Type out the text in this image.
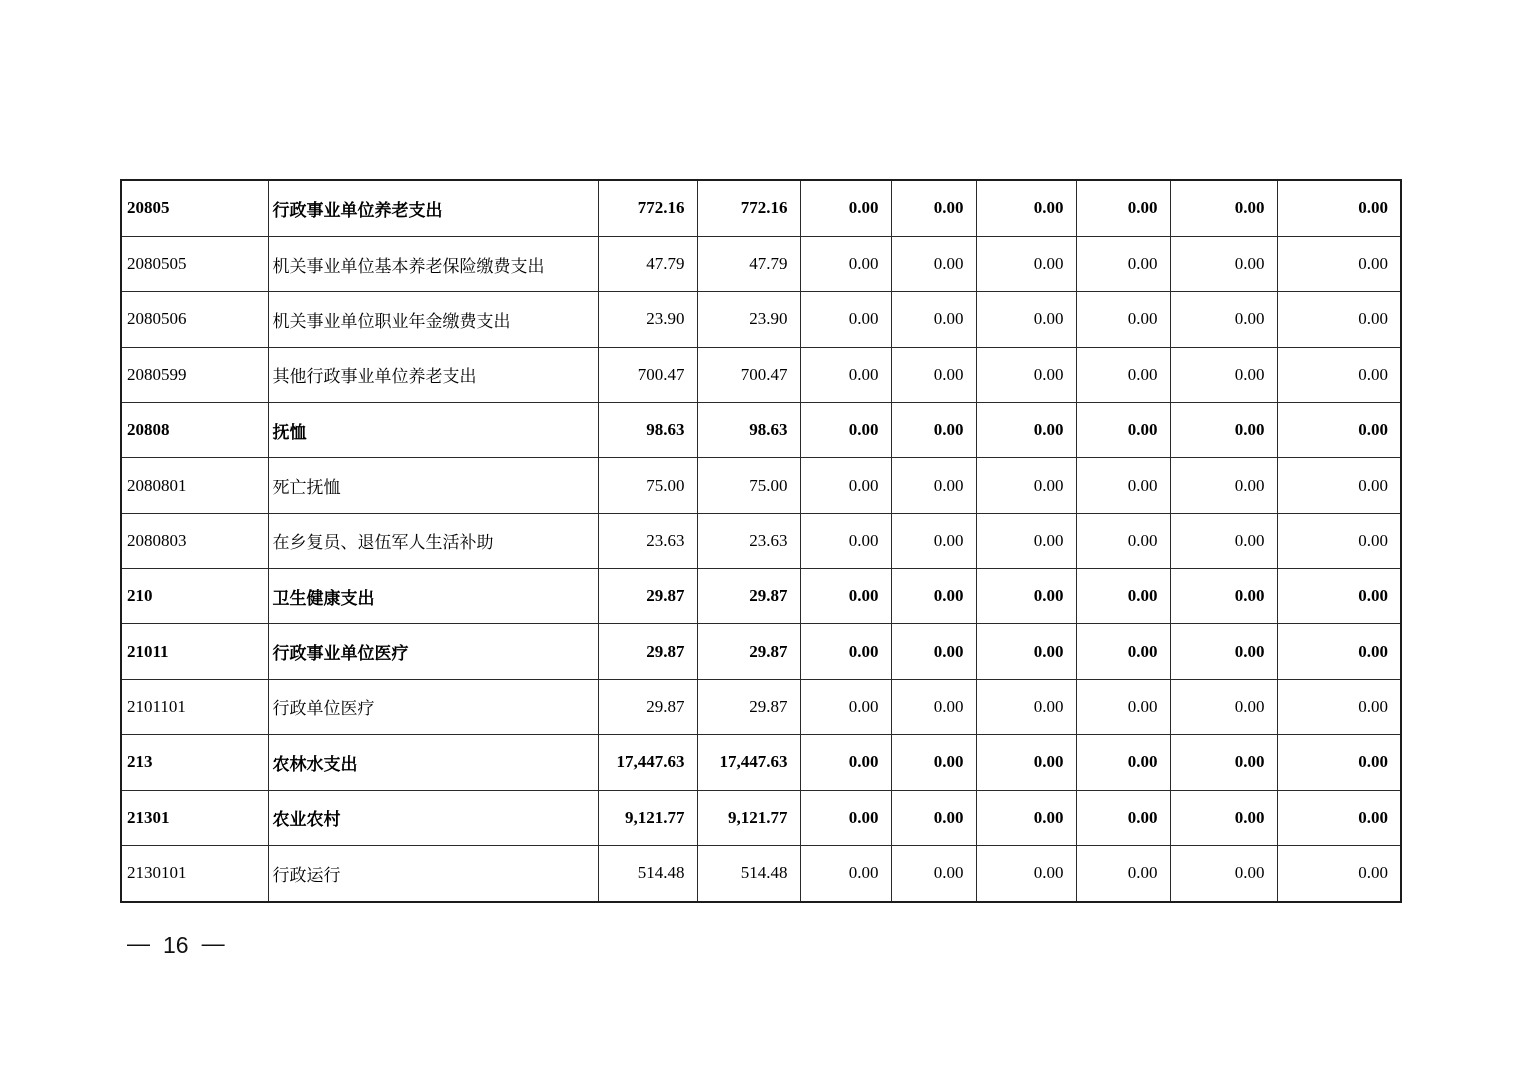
20805	行政事业单位养老支出	772.16	772.16	0.00	0.00	0.00	0.00	0.00	0.00
2080505	机关事业单位基本养老保险缴费支出	47.79	47.79	0.00	0.00	0.00	0.00	0.00	0.00
2080506	机关事业单位职业年金缴费支出	23.90	23.90	0.00	0.00	0.00	0.00	0.00	0.00
2080599	其他行政事业单位养老支出	700.47	700.47	0.00	0.00	0.00	0.00	0.00	0.00
20808	抚恤	98.63	98.63	0.00	0.00	0.00	0.00	0.00	0.00
2080801	死亡抚恤	75.00	75.00	0.00	0.00	0.00	0.00	0.00	0.00
2080803	在乡复员、退伍军人生活补助	23.63	23.63	0.00	0.00	0.00	0.00	0.00	0.00
210	卫生健康支出	29.87	29.87	0.00	0.00	0.00	0.00	0.00	0.00
21011	行政事业单位医疗	29.87	29.87	0.00	0.00	0.00	0.00	0.00	0.00
2101101	行政单位医疗	29.87	29.87	0.00	0.00	0.00	0.00	0.00	0.00
213	农林水支出	17,447.63	17,447.63	0.00	0.00	0.00	0.00	0.00	0.00
21301	农业农村	9,121.77	9,121.77	0.00	0.00	0.00	0.00	0.00	0.00
2130101	行政运行	514.48	514.48	0.00	0.00	0.00	0.00	0.00	0.00
— 16 —
